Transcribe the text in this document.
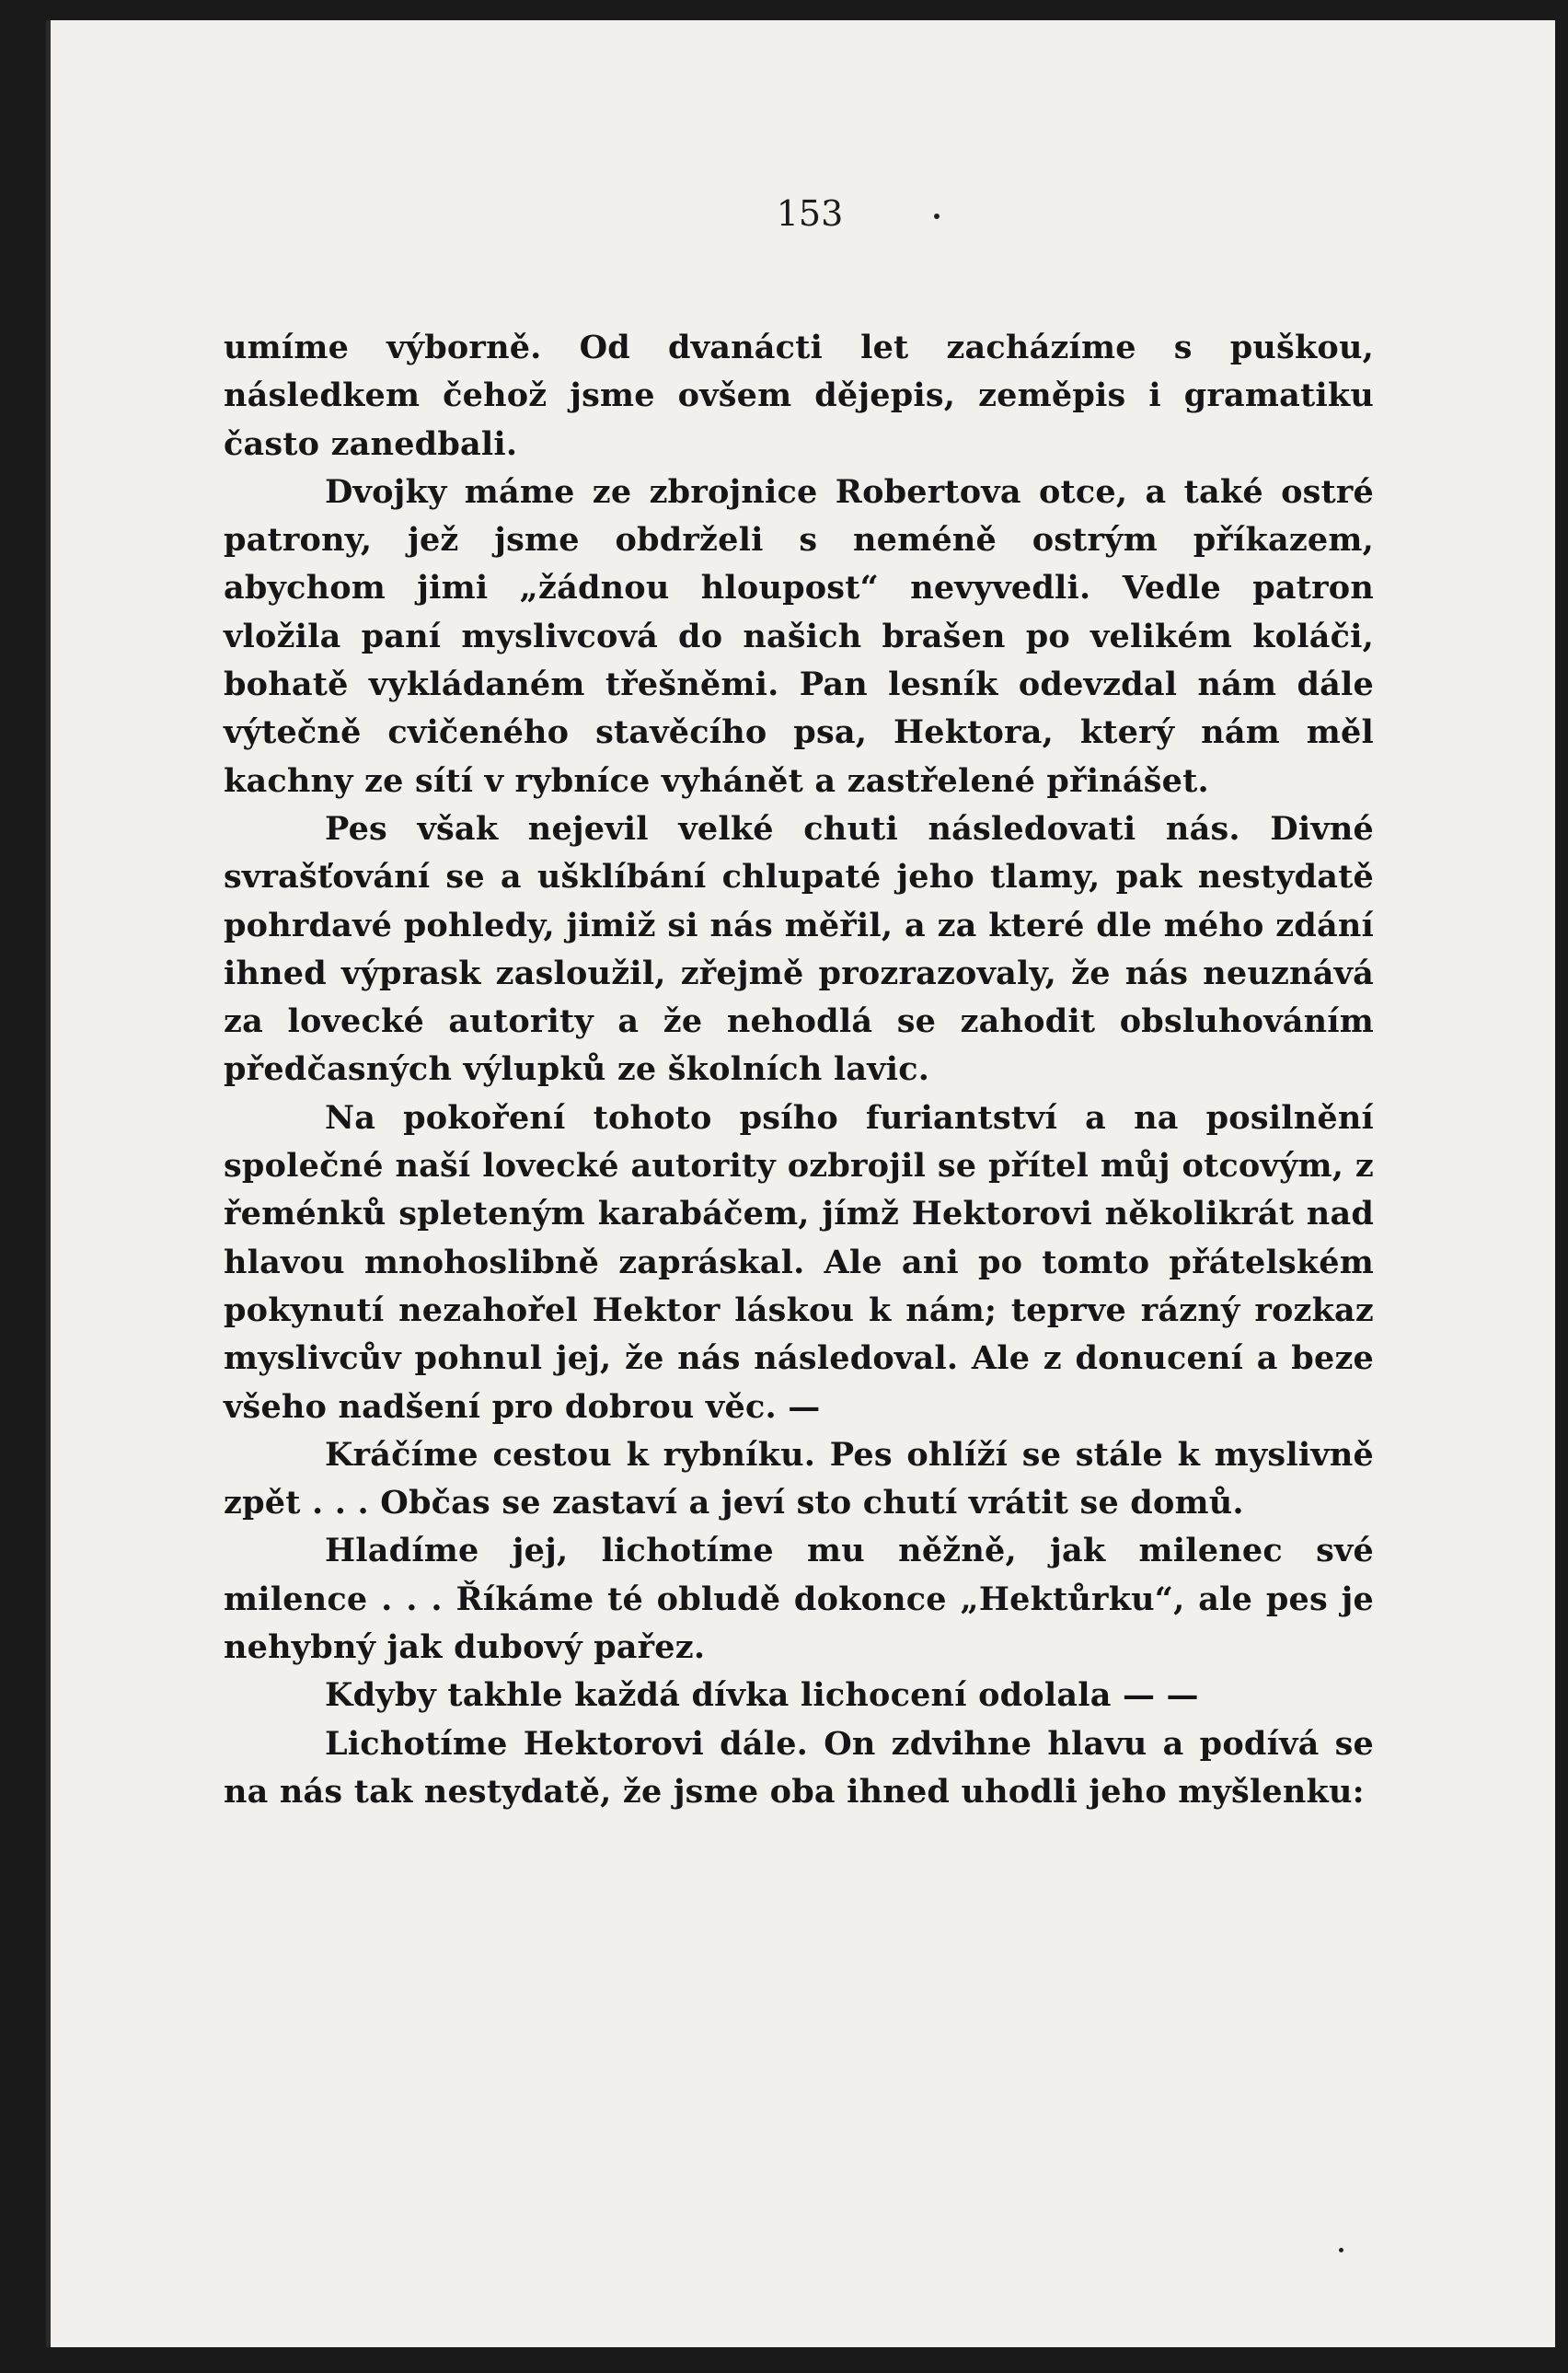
153

umíme výborně. Od dvanácti let zacházíme s puškou, následkem čehož jsme ovšem dějepis, zeměpis i gramatiku často zanedbali.

Dvojky máme ze zbrojnice Robertova otce, a také ostré patrony, jež jsme obdrželi s neméně ostrým příkazem, abychom jimi „žádnou hloupost“ nevyvedli. Vedle patron vložila paní myslivcová do našich brašen po velikém koláči, bohatě vykládaném třešněmi. Pan lesník odevzdal nám dále výtečně cvičeného stavěcího psa, Hektora, který nám měl kachny ze sítí v rybníce vyhánět a zastřelené přinášet.

Pes však nejevil velké chuti následovati nás. Divné svrašťování se a ušklíbání chlupaté jeho tlamy, pak nestydatě pohrdavé pohledy, jimiž si nás měřil, a za které dle mého zdání ihned výprask zasloužil, zřejmě prozrazovaly, že nás neuznává za lovecké autority a že nehodlá se zahodit obsluhováním předčasných výlupků ze školních lavic.

Na pokoření tohoto psího furiantství a na posilnění společné naší lovecké autority ozbrojil se přítel můj otcovým, z řeménků spleteným karabáčem, jímž Hektorovi několikrát nad hlavou mnohoslibně zapráskal. Ale ani po tomto přátelském pokynutí nezahořel Hektor láskou k nám; teprve rázný rozkaz myslivcův pohnul jej, že nás následoval. Ale z donucení a beze všeho nadšení pro dobrou věc. —

Kráčíme cestou k rybníku. Pes ohlíží se stále k myslivně zpět . . . Občas se zastaví a jeví sto chutí vrátit se domů.

Hladíme jej, lichotíme mu něžně, jak milenec své milence . . . Říkáme té obludě dokonce „Hektůrku“, ale pes je nehybný jak dubový pařez.

Kdyby takhle každá dívka lichocení odolala — —

Lichotíme Hektorovi dále. On zdvihne hlavu a podívá se na nás tak nestydatě, že jsme oba ihned uhodli jeho myšlenku:
